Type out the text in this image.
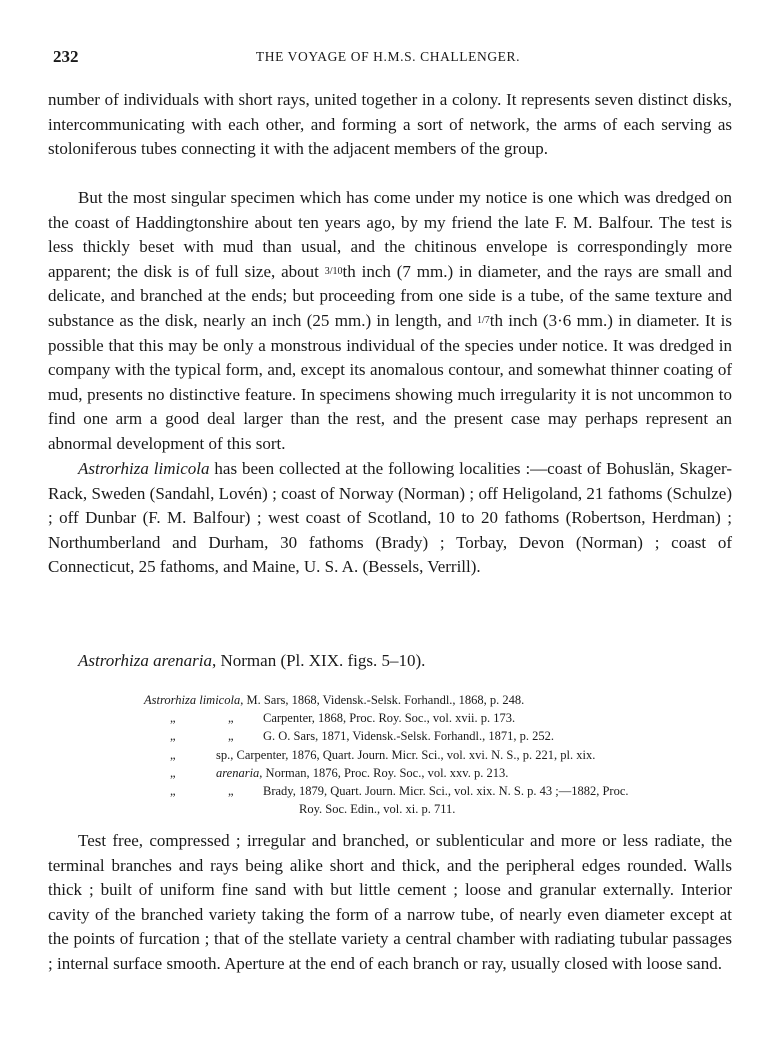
232	THE VOYAGE OF H.M.S. CHALLENGER.

number of individuals with short rays, united together in a colony. It represents seven distinct disks, intercommunicating with each other, and forming a sort of network, the arms of each serving as stoloniferous tubes connecting it with the adjacent members of the group.

But the most singular specimen which has come under my notice is one which was dredged on the coast of Haddingtonshire about ten years ago, by my friend the late F. M. Balfour. The test is less thickly beset with mud than usual, and the chitinous envelope is correspondingly more apparent; the disk is of full size, about 3/10th inch (7 mm.) in diameter, and the rays are small and delicate, and branched at the ends; but proceeding from one side is a tube, of the same texture and substance as the disk, nearly an inch (25 mm.) in length, and 1/7th inch (3·6 mm.) in diameter. It is possible that this may be only a monstrous individual of the species under notice. It was dredged in company with the typical form, and, except its anomalous contour, and somewhat thinner coating of mud, presents no distinctive feature. In specimens showing much irregularity it is not uncommon to find one arm a good deal larger than the rest, and the present case may perhaps represent an abnormal development of this sort.

Astrorhiza limicola has been collected at the following localities :—coast of Bohuslän, Skager-Rack, Sweden (Sandahl, Lovén) ; coast of Norway (Norman) ; off Heligoland, 21 fathoms (Schulze) ; off Dunbar (F. M. Balfour) ; west coast of Scotland, 10 to 20 fathoms (Robertson, Herdman) ; Northumberland and Durham, 30 fathoms (Brady) ; Torbay, Devon (Norman) ; coast of Connecticut, 25 fathoms, and Maine, U. S. A. (Bessels, Verrill).

Astrorhiza arenaria, Norman (Pl. XIX. figs. 5–10).
Astrorhiza limicola, M. Sars, 1868, Vidensk.-Selsk. Forhandl., 1868, p. 248.
„	„ Carpenter, 1868, Proc. Roy. Soc., vol. xvii. p. 173.
„	„ G. O. Sars, 1871, Vidensk.-Selsk. Forhandl., 1871, p. 252.
„	sp., Carpenter, 1876, Quart. Journ. Micr. Sci., vol. xvi. N. S., p. 221, pl. xix.
„	arenaria, Norman, 1876, Proc. Roy. Soc., vol. xxv. p. 213.
„	„ Brady, 1879, Quart. Journ. Micr. Sci., vol. xix. N. S. p. 43 ;—1882, Proc.
Roy. Soc. Edin., vol. xi. p. 711.

Test free, compressed ; irregular and branched, or sublenticular and more or less radiate, the terminal branches and rays being alike short and thick, and the peripheral edges rounded. Walls thick ; built of uniform fine sand with but little cement ; loose and granular externally. Interior cavity of the branched variety taking the form of a narrow tube, of nearly even diameter except at the points of furcation ; that of the stellate variety a central chamber with radiating tubular passages ; internal surface smooth. Aperture at the end of each branch or ray, usually closed with loose sand.
